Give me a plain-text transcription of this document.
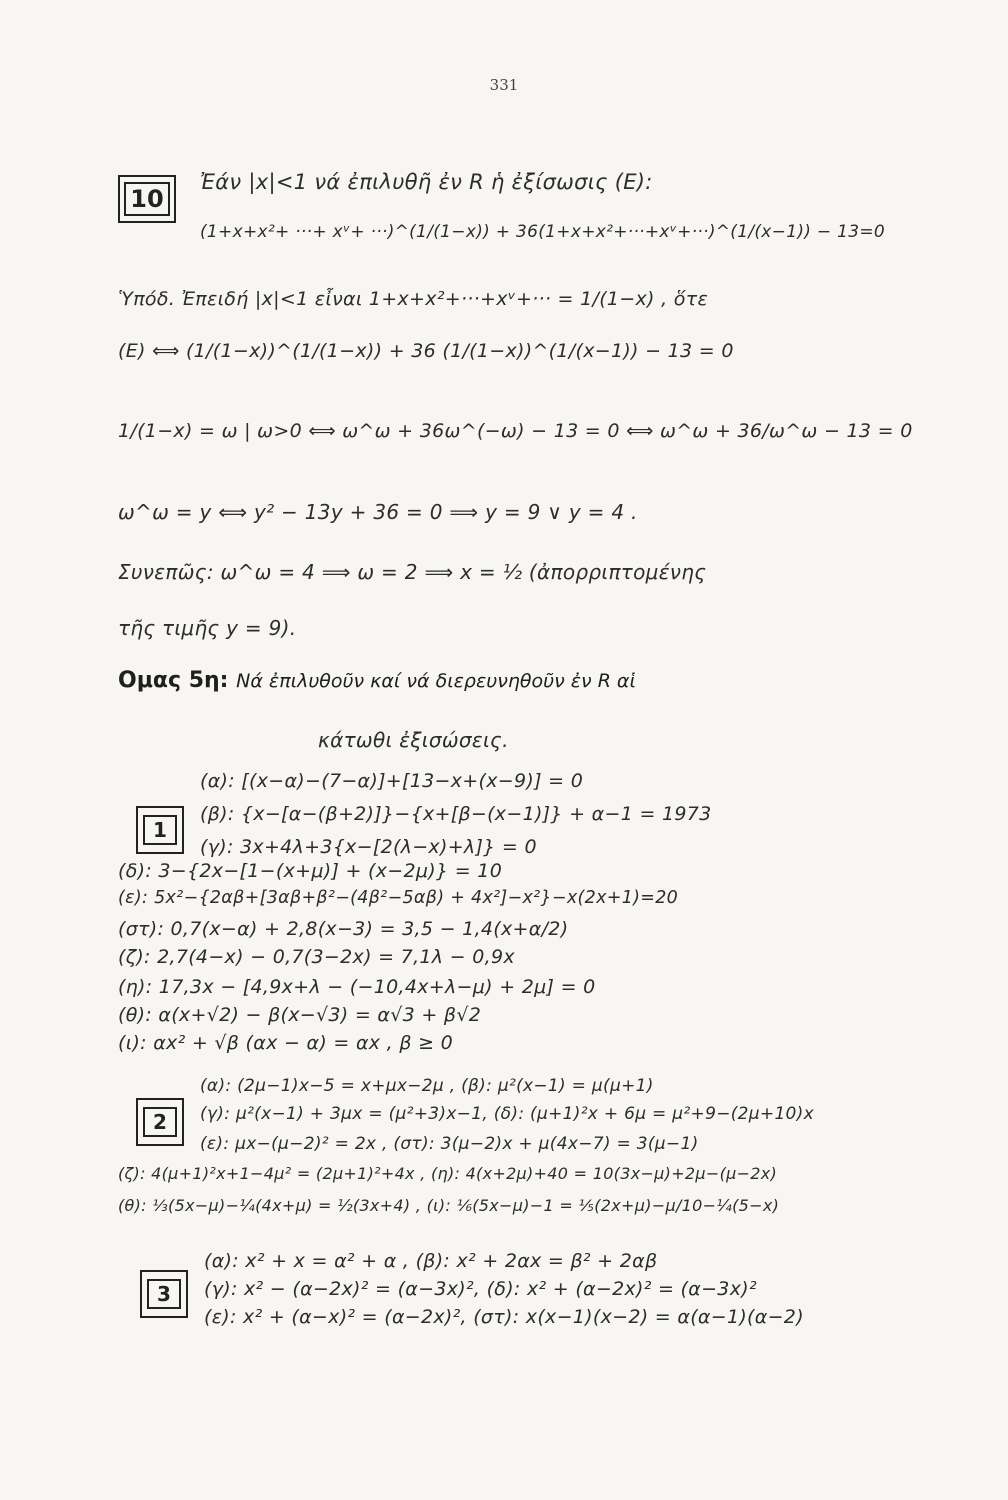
331
10
Ἐάν |x|<1 νά ἐπιλυθῆ ἐν R ἡ ἐξίσωσις (Ε):
(1+x+x²+ ···+ xᵛ+ ···)^(1/(1−x)) + 36(1+x+x²+···+xᵛ+···)^(1/(x−1)) − 13=0
Ὑπόδ. Ἐπειδή |x|<1 εἶναι 1+x+x²+···+xᵛ+··· = 1/(1−x) , ὅτε
(Ε) ⟺ (1/(1−x))^(1/(1−x)) + 36 (1/(1−x))^(1/(x−1)) − 13 = 0
1/(1−x) = ω | ω>0 ⟺ ω^ω + 36ω^(−ω) − 13 = 0 ⟺ ω^ω + 36/ω^ω − 13 = 0
ω^ω = y ⟺ y² − 13y + 36 = 0 ⟹ y = 9 ∨ y = 4 .
Συνεπῶς: ω^ω = 4 ⟹ ω = 2 ⟹ x = ½ (ἀπορριπτομένης
τῆς τιμῆς y = 9).
Ομας 5η: Νά ἐπιλυθοῦν καί νά διερευνηθοῦν ἐν R αἱ
κάτωθι ἐξισώσεις.
1
(α): [(x−α)−(7−α)]+[13−x+(x−9)] = 0
(β): {x−[α−(β+2)]}−{x+[β−(x−1)]} + α−1 = 1973
(γ): 3x+4λ+3{x−[2(λ−x)+λ]} = 0
(δ): 3−{2x−[1−(x+μ)] + (x−2μ)} = 10
(ε): 5x²−{2αβ+[3αβ+β²−(4β²−5αβ) + 4x²]−x²}−x(2x+1)=20
(στ): 0,7(x−α) + 2,8(x−3) = 3,5 − 1,4(x+α/2)
(ζ): 2,7(4−x) − 0,7(3−2x) = 7,1λ − 0,9x
(η): 17,3x − [4,9x+λ − (−10,4x+λ−μ) + 2μ] = 0
(θ): α(x+√2) − β(x−√3) = α√3 + β√2
(ι): αx² + √β (αx − α) = αx , β ≥ 0
2
(α): (2μ−1)x−5 = x+μx−2μ , (β): μ²(x−1) = μ(μ+1)
(γ): μ²(x−1) + 3μx = (μ²+3)x−1, (δ): (μ+1)²x + 6μ = μ²+9−(2μ+10)x
(ε): μx−(μ−2)² = 2x , (στ): 3(μ−2)x + μ(4x−7) = 3(μ−1)
(ζ): 4(μ+1)²x+1−4μ² = (2μ+1)²+4x , (η): 4(x+2μ)+40 = 10(3x−μ)+2μ−(μ−2x)
(θ): ⅓(5x−μ)−¼(4x+μ) = ½(3x+4) , (ι): ⅙(5x−μ)−1 = ⅕(2x+μ)−μ/10−¼(5−x)
3
(α): x² + x = α² + α , (β): x² + 2αx = β² + 2αβ
(γ): x² − (α−2x)² = (α−3x)², (δ): x² + (α−2x)² = (α−3x)²
(ε): x² + (α−x)² = (α−2x)², (στ): x(x−1)(x−2) = α(α−1)(α−2)
